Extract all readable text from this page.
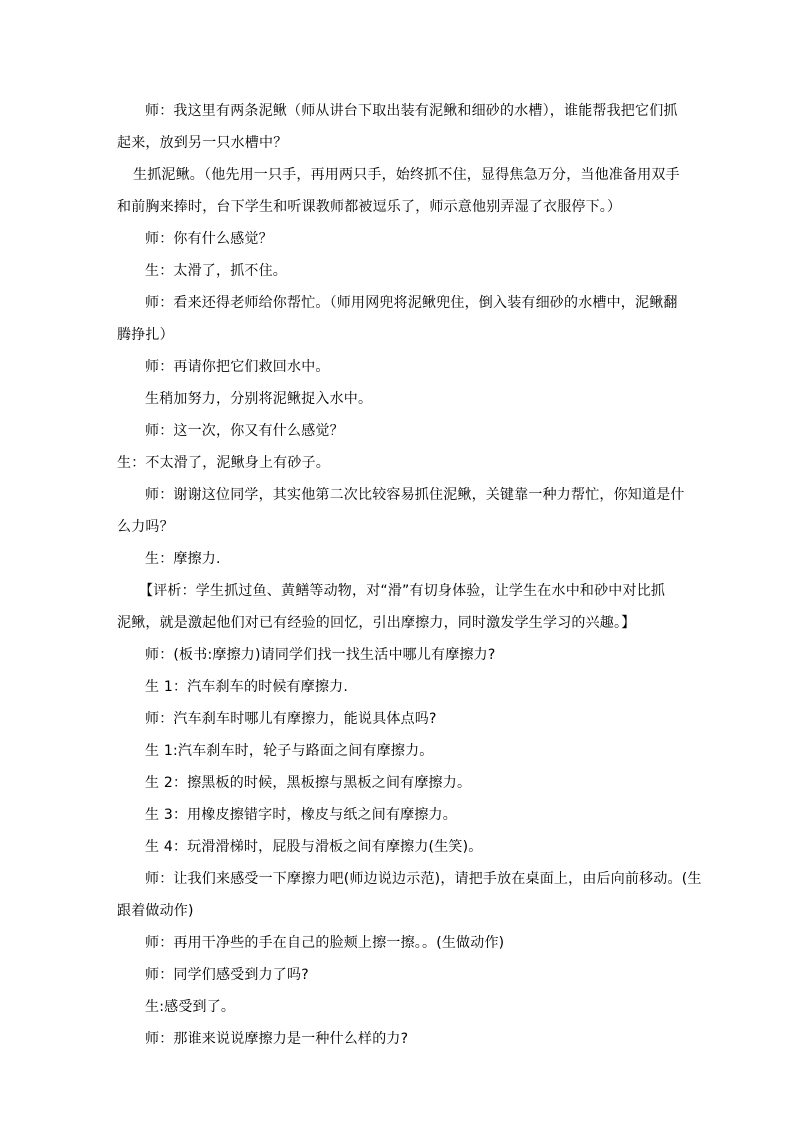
师：我这里有两条泥鳅（师从讲台下取出装有泥鳅和细砂的水槽），谁能帮我把它们抓
起来，放到另一只水槽中？
生抓泥鳅。（他先用一只手，再用两只手，始终抓不住，显得焦急万分，当他准备用双手
和前胸来捧时，台下学生和听课教师都被逗乐了，师示意他别弄湿了衣服停下。）
师：你有什么感觉？
生：太滑了，抓不住。
师：看来还得老师给你帮忙。（师用网兜将泥鳅兜住，倒入装有细砂的水槽中，泥鳅翻
腾挣扎）
师：再请你把它们救回水中。
生稍加努力，分别将泥鳅捉入水中。
师：这一次，你又有什么感觉？
生：不太滑了，泥鳅身上有砂子。
师：谢谢这位同学，其实他第二次比较容易抓住泥鳅，关键靠一种力帮忙，你知道是什
么力吗？
生：摩擦力.
【评析：学生抓过鱼、黄鳝等动物，对“滑”有切身体验，让学生在水中和砂中对比抓
泥鳅，就是激起他们对已有经验的回忆，引出摩擦力，同时激发学生学习的兴趣。】
师：(板书:摩擦力)请同学们找一找生活中哪儿有摩擦力?
生 1：汽车刹车的时候有摩擦力.
师：汽车刹车时哪儿有摩擦力，能说具体点吗?
生 1:汽车刹车时，轮子与路面之间有摩擦力。
生 2：擦黑板的时候，黑板擦与黑板之间有摩擦力。
生 3：用橡皮擦错字时，橡皮与纸之间有摩擦力。
生 4：玩滑滑梯时，屁股与滑板之间有摩擦力(生笑)。
师：让我们来感受一下摩擦力吧(师边说边示范)，请把手放在桌面上，由后向前移动。(生
跟着做动作)
师：再用干净些的手在自己的脸颊上擦一擦。。(生做动作)
师：同学们感受到力了吗?
生:感受到了。
师：那谁来说说摩擦力是一种什么样的力?
